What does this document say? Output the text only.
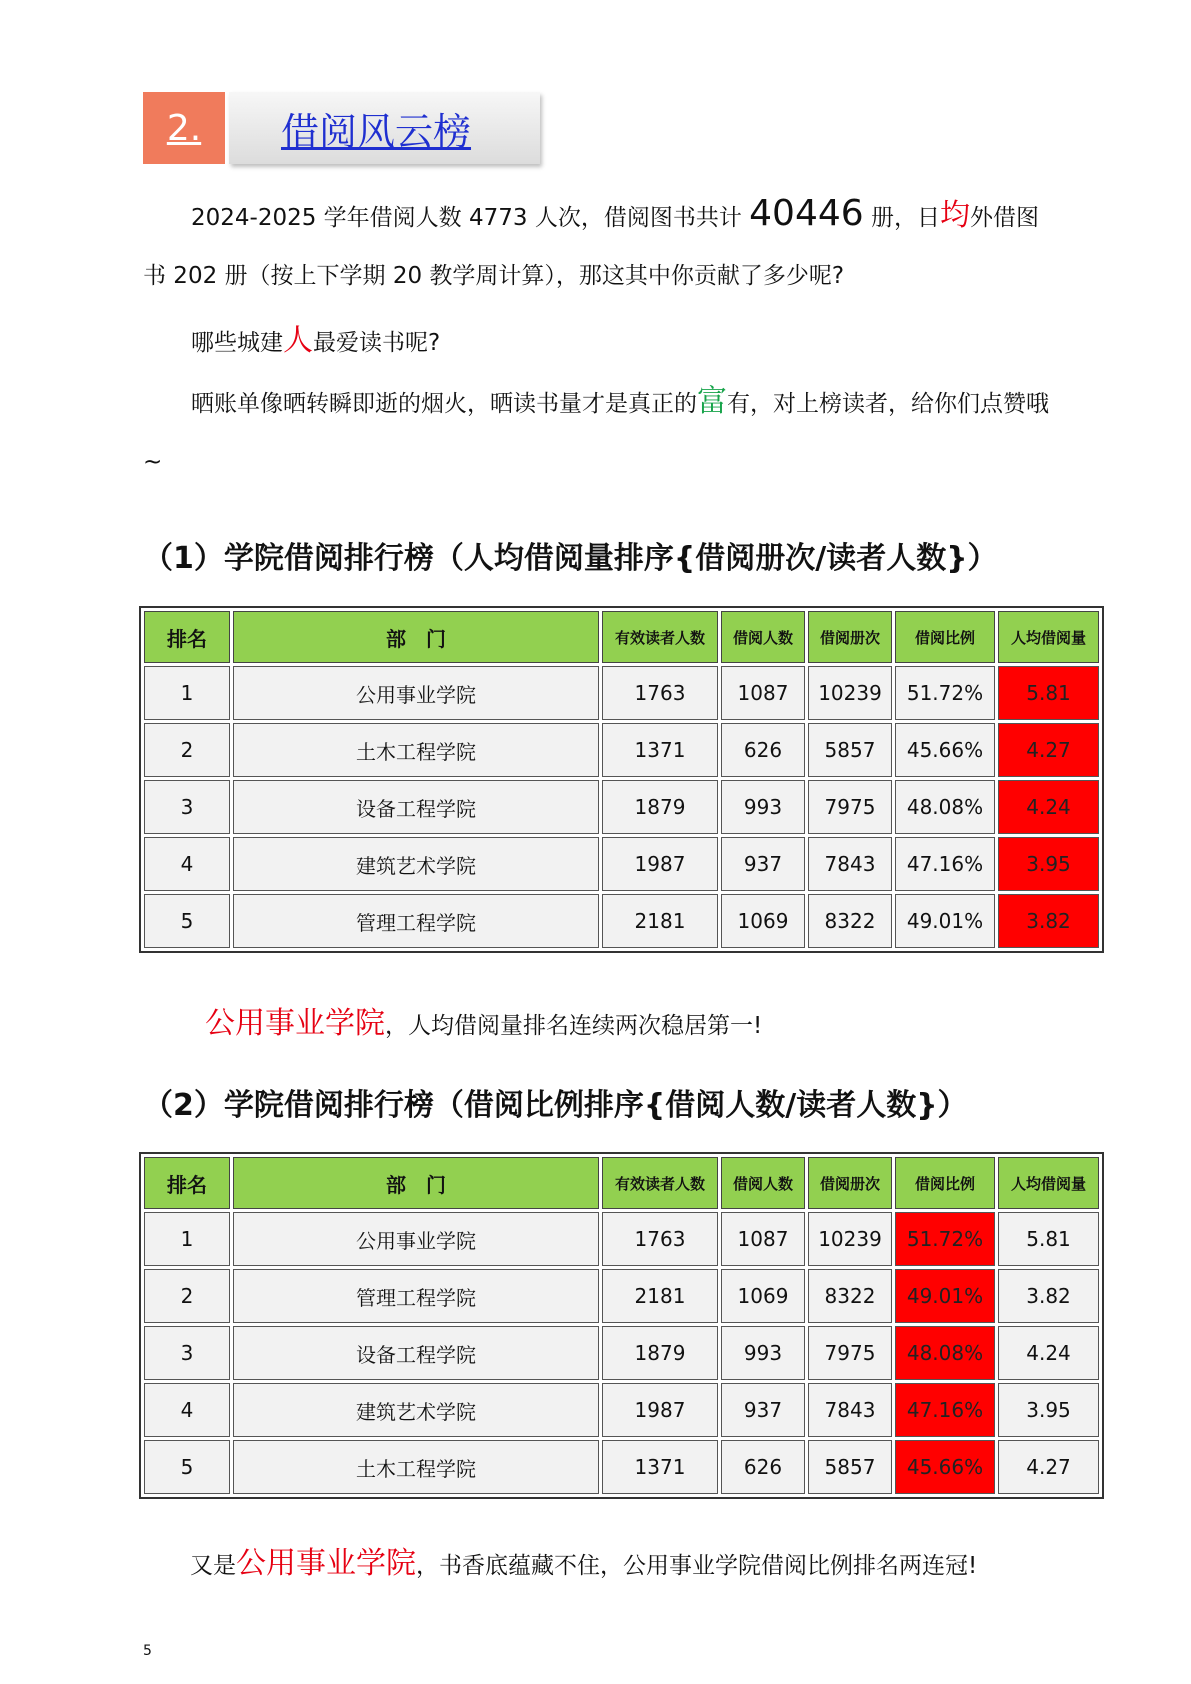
2.	借阅风云榜
2024-2025 学年借阅人数 4773 人次，借阅图书共计 40446 册，日均外借图书 202 册（按上下学期 20 教学周计算），那这其中你贡献了多少呢?
哪些城建人最爱读书呢?
晒账单像晒转瞬即逝的烟火，晒读书量才是真正的富有，对上榜读者，给你们点赞哦~
（1）学院借阅排行榜（人均借阅量排序{借阅册次/读者人数}）
排名	部　门	有效读者人数	借阅人数	借阅册次	借阅比例	人均借阅量
1	公用事业学院	1763	1087	10239	51.72%	5.81
2	土木工程学院	1371	626	5857	45.66%	4.27
3	设备工程学院	1879	993	7975	48.08%	4.24
4	建筑艺术学院	1987	937	7843	47.16%	3.95
5	管理工程学院	2181	1069	8322	49.01%	3.82
公用事业学院，人均借阅量排名连续两次稳居第一!
（2）学院借阅排行榜（借阅比例排序{借阅人数/读者人数}）
排名	部　门	有效读者人数	借阅人数	借阅册次	借阅比例	人均借阅量
1	公用事业学院	1763	1087	10239	51.72%	5.81
2	管理工程学院	2181	1069	8322	49.01%	3.82
3	设备工程学院	1879	993	7975	48.08%	4.24
4	建筑艺术学院	1987	937	7843	47.16%	3.95
5	土木工程学院	1371	626	5857	45.66%	4.27
又是公用事业学院，书香底蕴藏不住，公用事业学院借阅比例排名两连冠!
5
